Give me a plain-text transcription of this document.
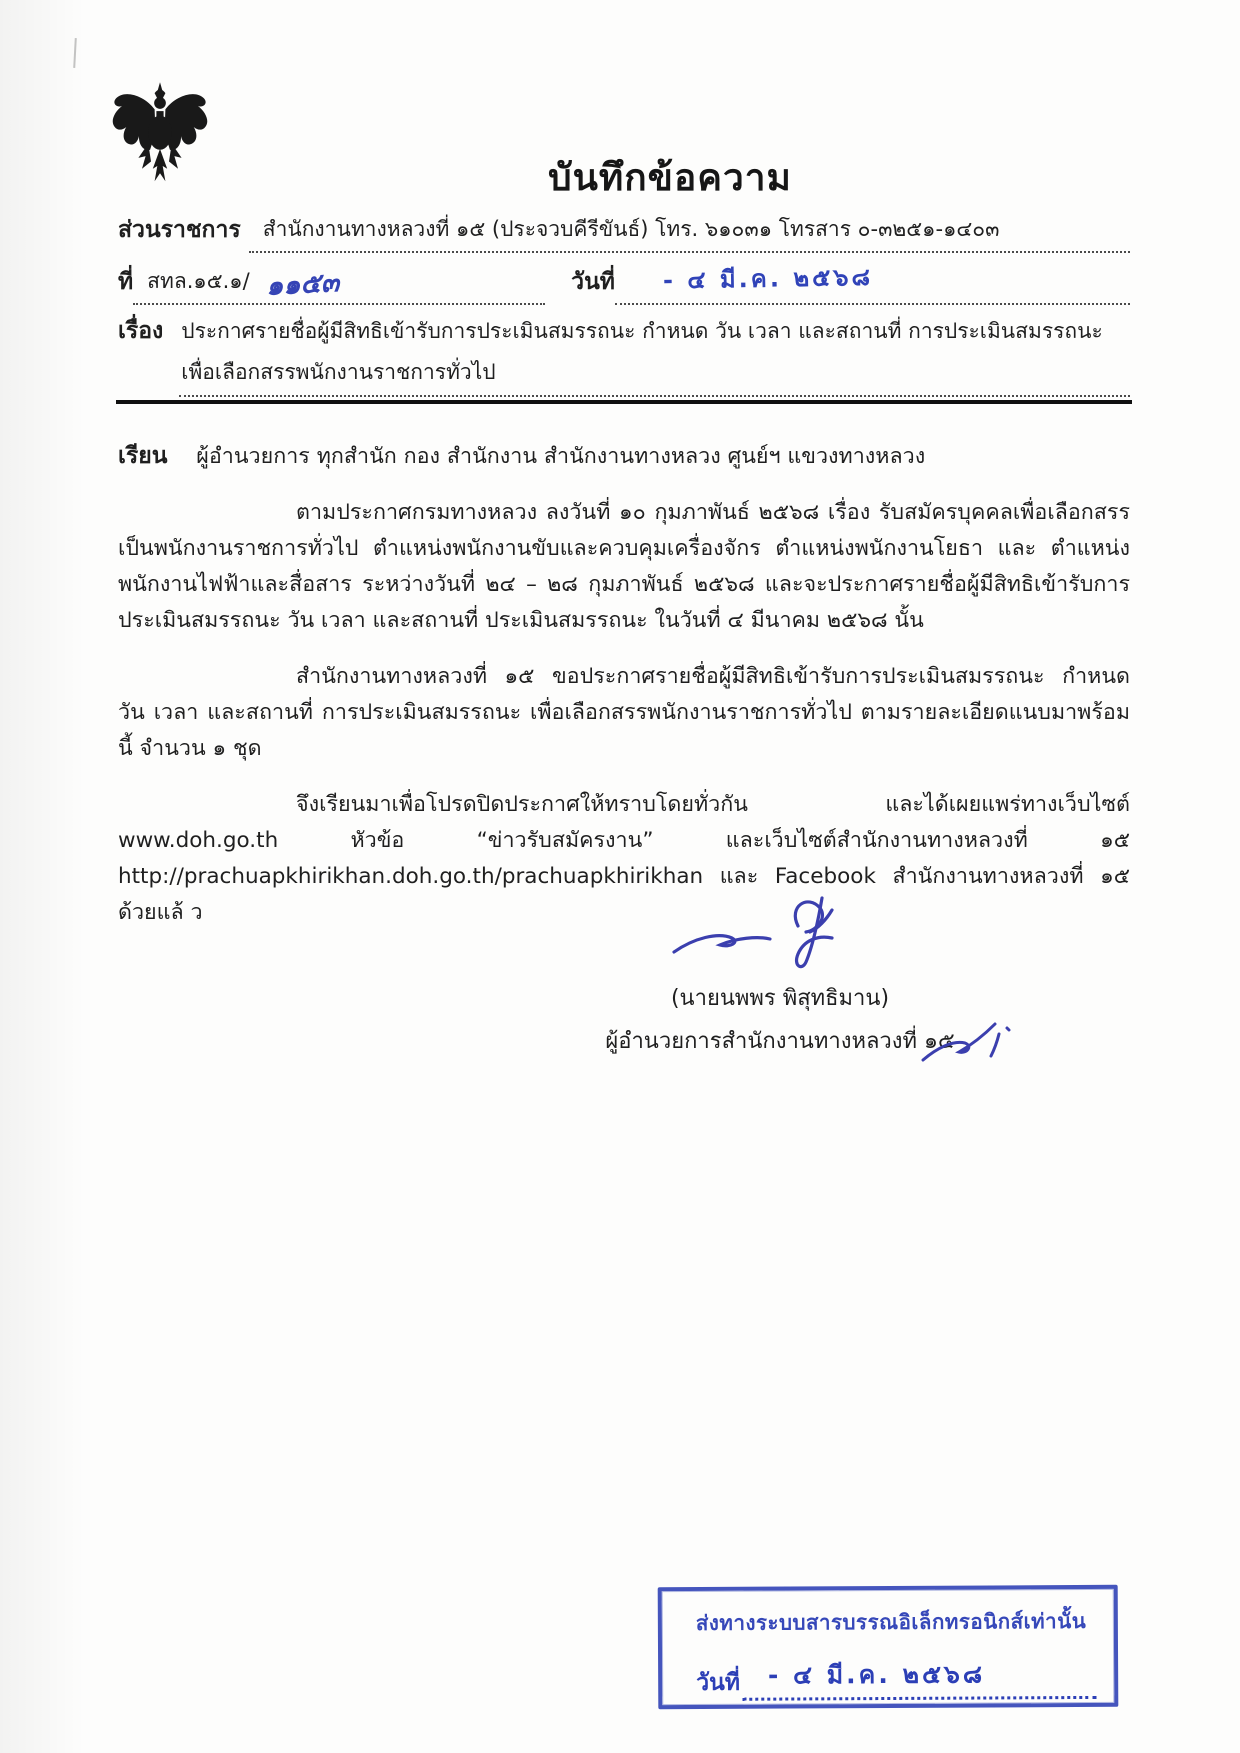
บันทึกข้อความ
ส่วนราชการ	สำนักงานทางหลวงที่ ๑๕ (ประจวบคีรีขันธ์) โทร. ๖๑๐๓๑ โทรสาร ๐-๓๒๕๑-๑๔๐๓
ที่ สทล.๑๕.๑/ ๑๑๕๓	วันที่	- ๔ มี.ค. ๒๕๖๘
เรื่อง ประกาศรายชื่อผู้มีสิทธิเข้ารับการประเมินสมรรถนะ กำหนด วัน เวลา และสถานที่ การประเมินสมรรถนะ
เพื่อเลือกสรรพนักงานราชการทั่วไป
เรียน ผู้อำนวยการ ทุกสำนัก กอง สำนักงาน สำนักงานทางหลวง ศูนย์ฯ แขวงทางหลวง

ตามประกาศกรมทางหลวง ลงวันที่ ๑๐ กุมภาพันธ์ ๒๕๖๘ เรื่อง รับสมัครบุคคลเพื่อเลือกสรรเป็นพนักงานราชการทั่วไป ตำแหน่งพนักงานขับและควบคุมเครื่องจักร ตำแหน่งพนักงานโยธา และ ตำแหน่งพนักงานไฟฟ้าและสื่อสาร ระหว่างวันที่ ๒๔ – ๒๘ กุมภาพันธ์ ๒๕๖๘ และจะประกาศรายชื่อผู้มีสิทธิเข้ารับการประเมินสมรรถนะ วัน เวลา และสถานที่ ประเมินสมรรถนะ ในวันที่ ๔ มีนาคม ๒๕๖๘ นั้น

สำนักงานทางหลวงที่ ๑๕ ขอประกาศรายชื่อผู้มีสิทธิเข้ารับการประเมินสมรรถนะ กำหนด วัน เวลา และสถานที่ การประเมินสมรรถนะ เพื่อเลือกสรรพนักงานราชการทั่วไป ตามรายละเอียดแนบมาพร้อมนี้ จำนวน ๑ ชุด

จึงเรียนมาเพื่อโปรดปิดประกาศให้ทราบโดยทั่วกัน และได้เผยแพร่ทางเว็บไซต์ www.doh.go.th หัวข้อ “ข่าวรับสมัครงาน” และเว็บไซต์สำนักงานทางหลวงที่ ๑๕ http://prachuapkhirikhan.doh.go.th/prachuapkhirikhan และ Facebook สำนักงานทางหลวงที่ ๑๕ ด้วยแล้ ว

(นายนพพร พิสุทธิมาน)
ผู้อำนวยการสำนักงานทางหลวงที่ ๑๕
ส่งทางระบบสารบรรณอิเล็กทรอนิกส์เท่านั้น
วันที่	- ๔ มี.ค. ๒๕๖๘
